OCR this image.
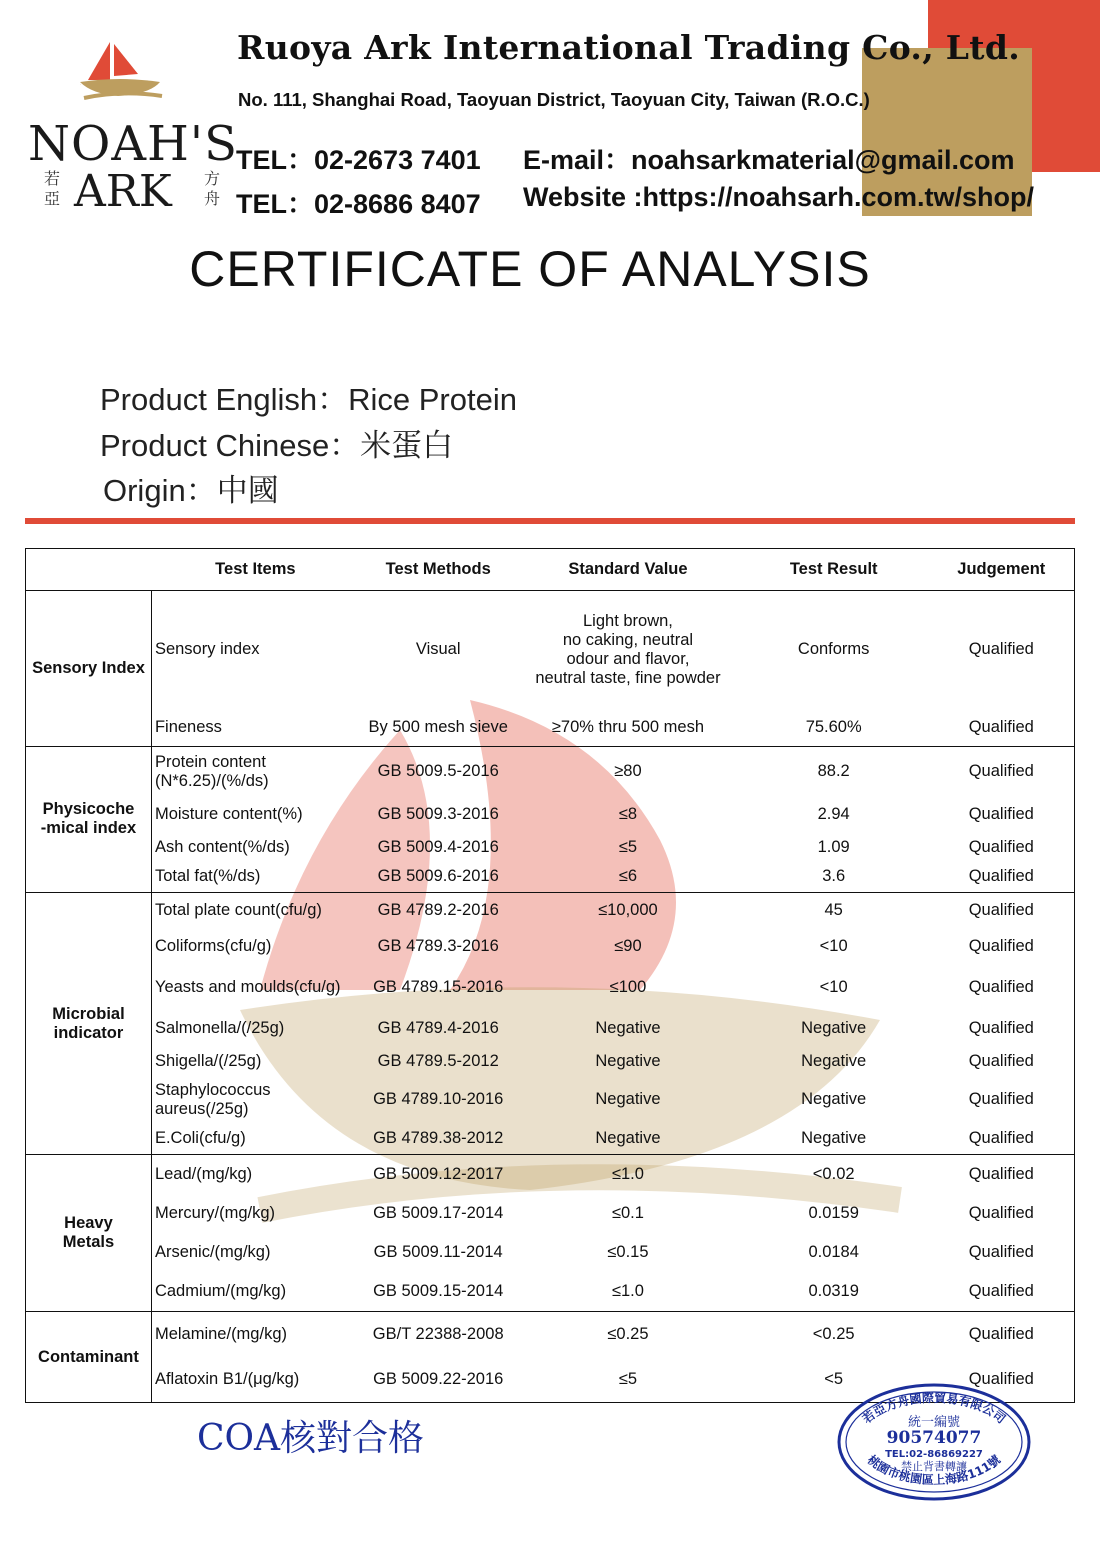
NOAH'S
若亞 ARK 方舟
Ruoya Ark International Trading Co., Ltd.
No. 111, Shanghai Road, Taoyuan District, Taoyuan City, Taiwan (R.O.C.)
TEL：02-2673 7401
TEL：02-8686 8407
E-mail：noahsarkmaterial@gmail.com
Website :https://noahsarh.com.tw/shop/
CERTIFICATE OF ANALYSIS
Product English：Rice Protein
Product Chinese：米蛋白
Origin：中國
	Test Items	Test Methods	Standard Value	Test Result	Judgement
Sensory Index	Sensory index	Visual	Light brown,
no caking, neutral
odour and flavor,
neutral taste, fine powder	Conforms	Qualified
	Fineness	By 500 mesh sieve	≥70% thru 500 mesh	75.60%	Qualified
Physicoche
-mical index	Protein content
(N*6.25)/(%/ds)	GB 5009.5-2016	≥80	88.2	Qualified
	Moisture content(%)	GB 5009.3-2016	≤8	2.94	Qualified
	Ash content(%/ds)	GB 5009.4-2016	≤5	1.09	Qualified
	Total fat(%/ds)	GB 5009.6-2016	≤6	3.6	Qualified
Microbial
indicator	Total plate count(cfu/g)	GB 4789.2-2016	≤10,000	45	Qualified
	Coliforms(cfu/g)	GB 4789.3-2016	≤90	<10	Qualified
	Yeasts and moulds(cfu/g)	GB 4789.15-2016	≤100	<10	Qualified
	Salmonella/(/25g)	GB 4789.4-2016	Negative	Negative	Qualified
	Shigella/(/25g)	GB 4789.5-2012	Negative	Negative	Qualified
	Staphylococcus
aureus(/25g)	GB 4789.10-2016	Negative	Negative	Qualified
	E.Coli(cfu/g)	GB 4789.38-2012	Negative	Negative	Qualified
Heavy
Metals	Lead/(mg/kg)	GB 5009.12-2017	≤1.0	<0.02	Qualified
	Mercury/(mg/kg)	GB 5009.17-2014	≤0.1	0.0159	Qualified
	Arsenic/(mg/kg)	GB 5009.11-2014	≤0.15	0.0184	Qualified
	Cadmium/(mg/kg)	GB 5009.15-2014	≤1.0	0.0319	Qualified
Contaminant	Melamine/(mg/kg)	GB/T 22388-2008	≤0.25	<0.25	Qualified
	Aflatoxin B1/(μg/kg)	GB 5009.22-2016	≤5	<5	Qualified
COA核對合格
若亞方舟國際貿易有限公司
桃園市桃園區上海路111號
統一編號
90574077
TEL:02-86869227
禁止背書轉讓
